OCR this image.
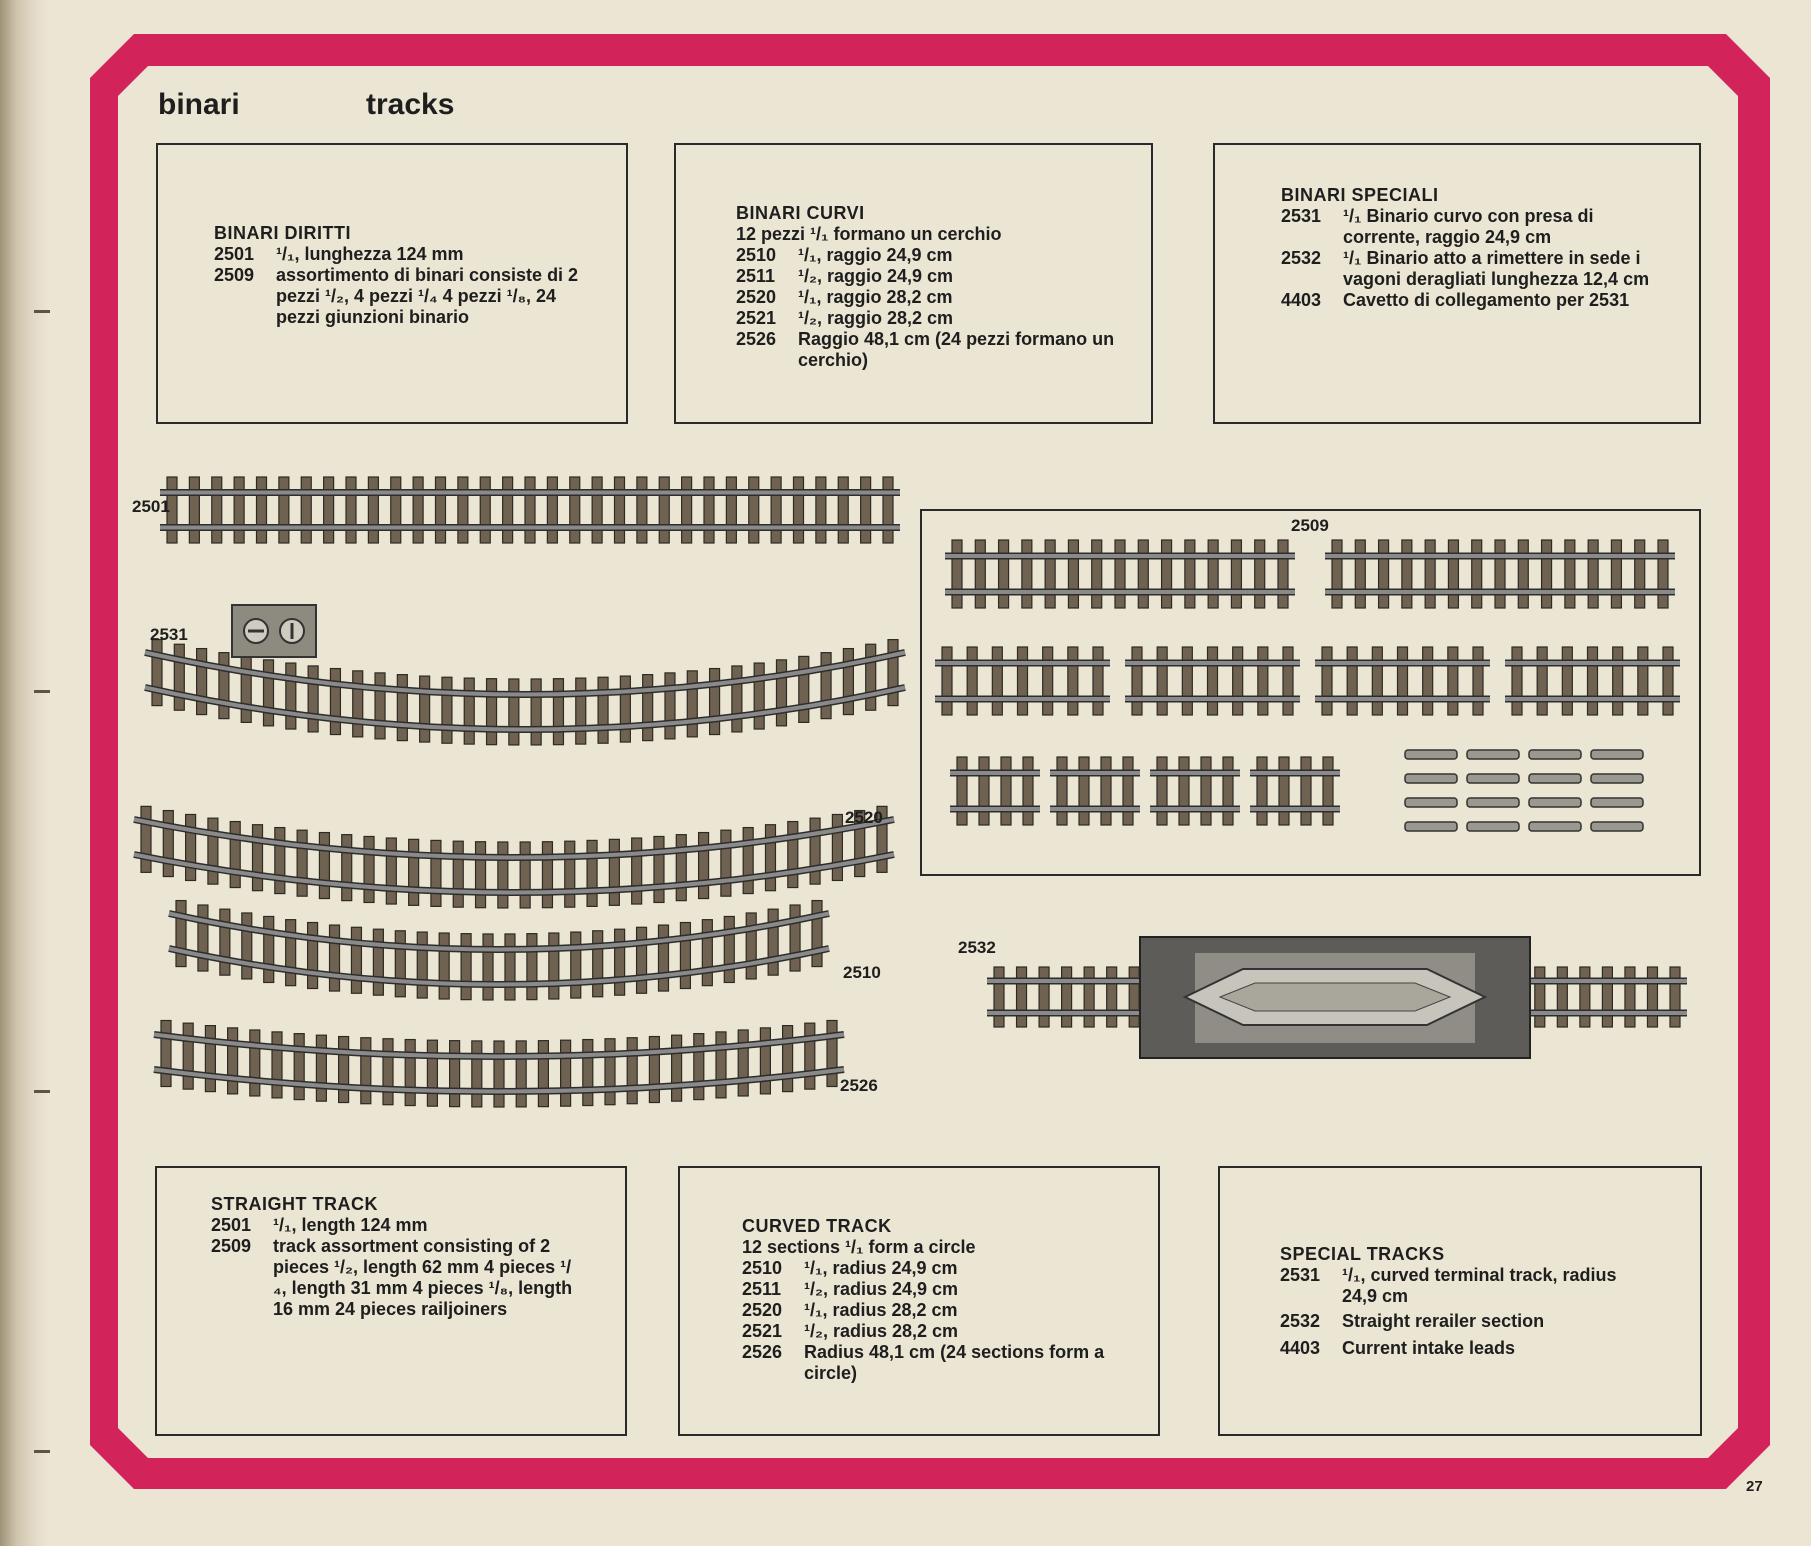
binari	tracks
BINARI DIRITTI
2501	¹/₁, lunghezza 124 mm
2509	assortimento di binari consiste di 2 pezzi ¹/₂, 4 pezzi ¹/₄ 4 pezzi ¹/₈, 24 pezzi giunzioni binario
BINARI CURVI
12 pezzi ¹/₁ formano un cerchio
2510	¹/₁, raggio 24,9 cm
2511	¹/₂, raggio 24,9 cm
2520	¹/₁, raggio 28,2 cm
2521	¹/₂, raggio 28,2 cm
2526	Raggio 48,1 cm (24 pezzi formano un cerchio)
BINARI SPECIALI
2531	¹/₁ Binario curvo con presa di corrente, raggio 24,9 cm
2532	¹/₁ Binario atto a rimettere in sede i vagoni deragliati lunghezza 12,4 cm
4403	Cavetto di collegamento per 2531
STRAIGHT TRACK
2501	¹/₁, length 124 mm
2509	track assortment consisting of 2 pieces ¹/₂, length 62 mm 4 pieces ¹/₄, length 31 mm 4 pieces ¹/₈, length 16 mm 24 pieces railjoiners
CURVED TRACK
12 sections ¹/₁ form a circle
2510	¹/₁, radius 24,9 cm
2511	¹/₂, radius 24,9 cm
2520	¹/₁, radius 28,2 cm
2521	¹/₂, radius 28,2 cm
2526	Radius 48,1 cm (24 sections form a circle)
SPECIAL TRACKS
2531	¹/₁, curved terminal track, radius 24,9 cm
2532	Straight rerailer section
4403	Current intake leads
2501
2531
2520
2510
2526
2509
2532
27
